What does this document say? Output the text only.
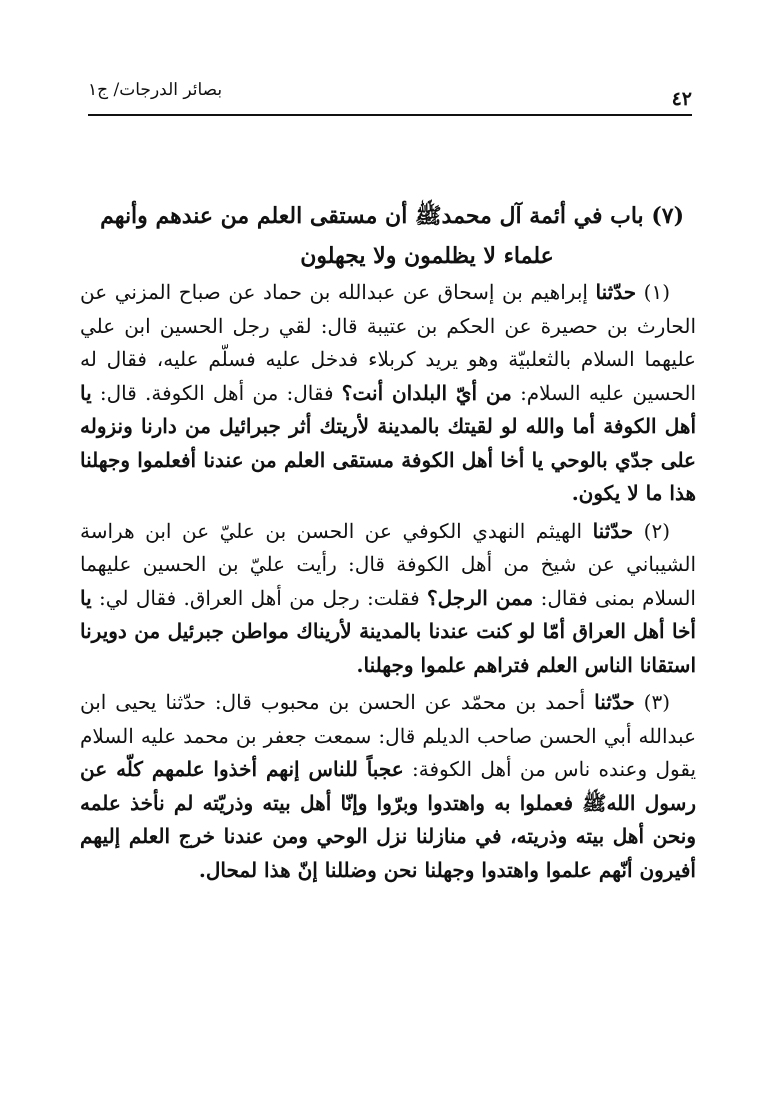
٤٢
بصائر الدرجات/ ج١
(٧) باب في أئمة آل محمدﷺ أن مستقى العلم من عندهم وأنهم
علماء لا يظلمون ولا يجهلون

(١) حدّثنا إبراهيم بن إسحاق عن عبدالله بن حماد عن صباح المزني عن الحارث بن حصيرة عن الحكم بن عتيبة قال: لقي رجل الحسين ابن علي عليهما السلام بالثعلبيّة وهو يريد كربلاء فدخل عليه فسلّم عليه، فقال له الحسين عليه السلام: من أيّ البلدان أنت؟ فقال: من أهل الكوفة. قال: يا أهل الكوفة أما والله لو لقيتك بالمدينة لأريتك أثر جبرائيل من دارنا ونزوله على جدّي بالوحي يا أخا أهل الكوفة مستقى العلم من عندنا أفعلموا وجهلنا هذا ما لا يكون.

(٢) حدّثنا الهيثم النهدي الكوفي عن الحسن بن عليّ عن ابن هراسة الشيباني عن شيخ من أهل الكوفة قال: رأيت عليّ بن الحسين عليهما السلام بمنى فقال: ممن الرجل؟ فقلت: رجل من أهل العراق. فقال لي: يا أخا أهل العراق أمّا لو كنت عندنا بالمدينة لأريناك مواطن جبرئيل من دويرنا استقانا الناس العلم فتراهم علموا وجهلنا.

(٣) حدّثنا أحمد بن محمّد عن الحسن بن محبوب قال: حدّثنا يحيى ابن عبدالله أبي الحسن صاحب الديلم قال: سمعت جعفر بن محمد عليه السلام يقول وعنده ناس من أهل الكوفة: عجباً للناس إنهم أخذوا علمهم كلّه عن رسول اللهﷺ فعملوا به واهتدوا وبرّوا وإنّا أهل بيته وذريّته لم نأخذ علمه ونحن أهل بيته وذريته، في منازلنا نزل الوحي ومن عندنا خرج العلم إليهم أفيرون أنّهم علموا واهتدوا وجهلنا نحن وضللنا إنّ هذا لمحال.
